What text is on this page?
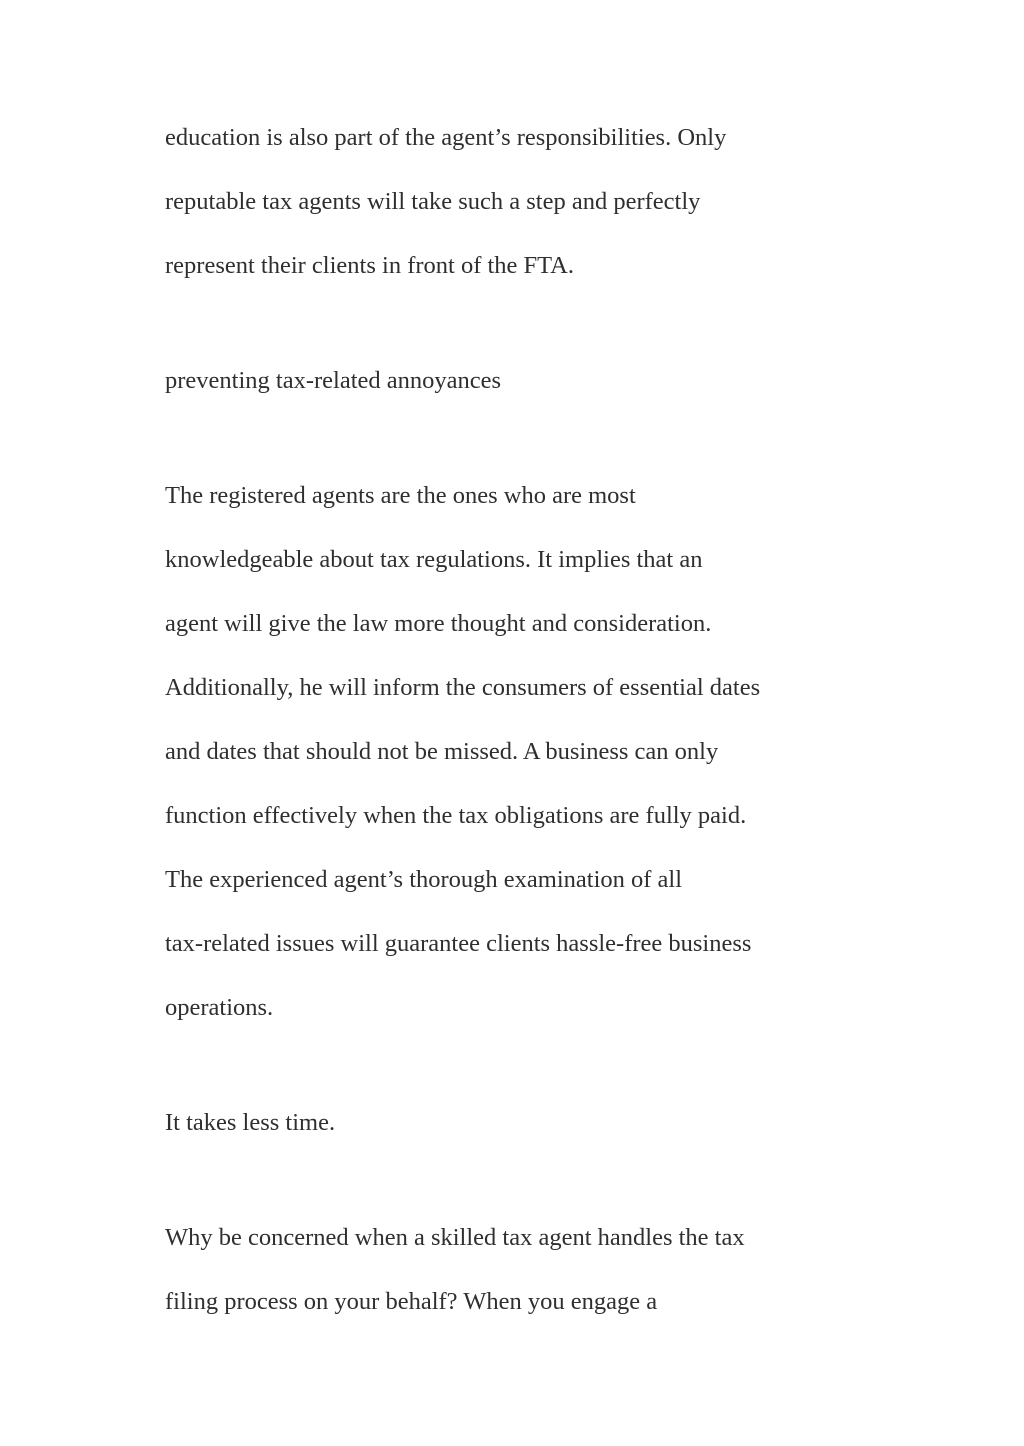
education is also part of the agent’s responsibilities. Only

reputable tax agents will take such a step and perfectly

represent their clients in front of the FTA.

preventing tax-related annoyances

The registered agents are the ones who are most

knowledgeable about tax regulations. It implies that an

agent will give the law more thought and consideration.

Additionally, he will inform the consumers of essential dates

and dates that should not be missed. A business can only

function effectively when the tax obligations are fully paid.

The experienced agent’s thorough examination of all

tax-related issues will guarantee clients hassle-free business

operations.

It takes less time.

Why be concerned when a skilled tax agent handles the tax

filing process on your behalf? When you engage a
